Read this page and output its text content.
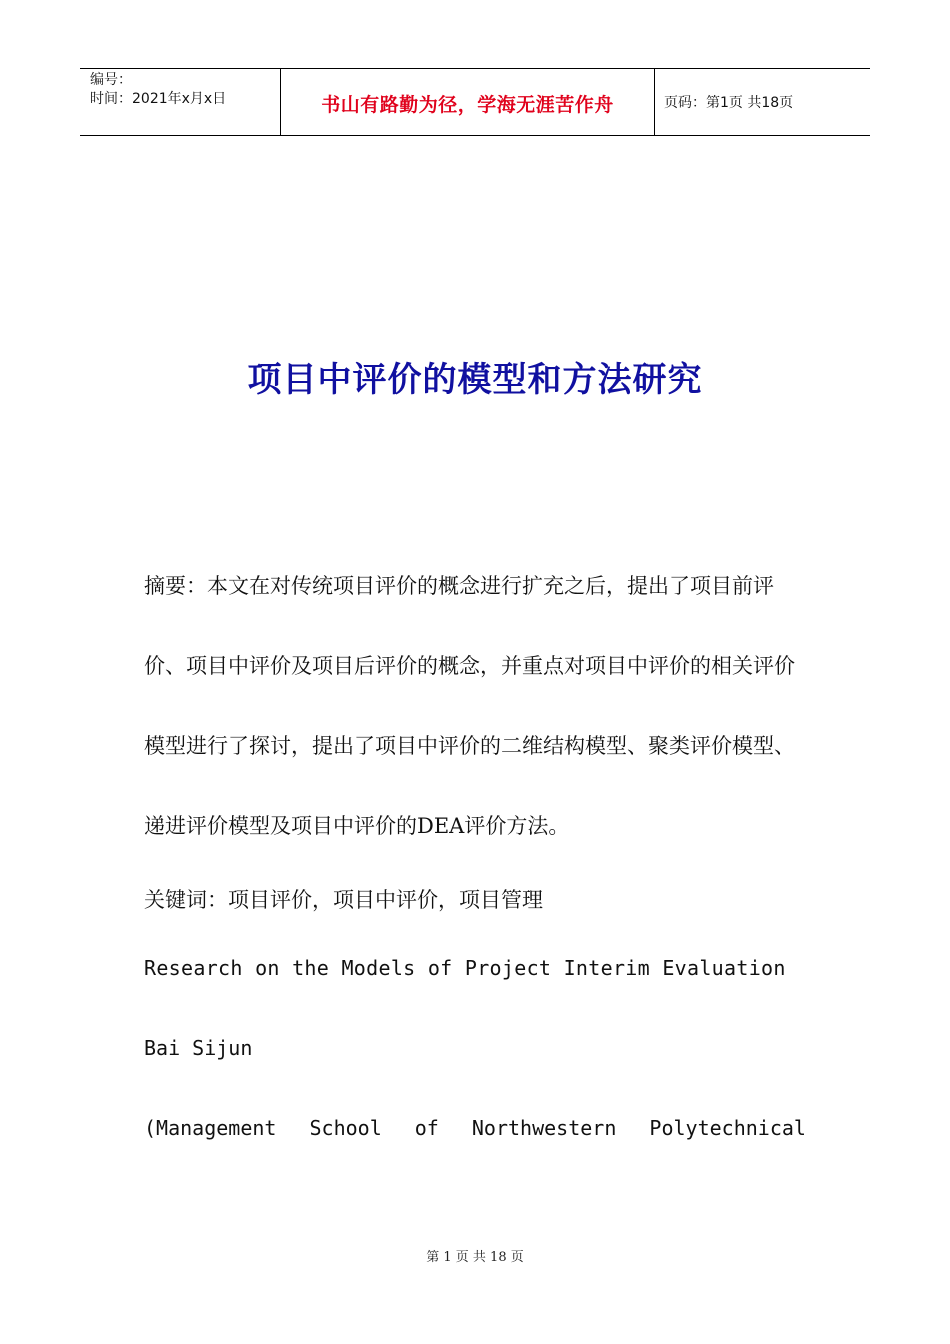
编号：
时间：2021年x月x日	书山有路勤为径，学海无涯苦作舟	页码：第1页 共18页
项目中评价的模型和方法研究
摘要：本文在对传统项目评价的概念进行扩充之后，提出了项目前评价、项目中评价及项目后评价的概念，并重点对项目中评价的相关评价模型进行了探讨，提出了项目中评价的二维结构模型、聚类评价模型、递进评价模型及项目中评价的DEA评价方法。
关键词：项目评价，项目中评价，项目管理
Research on the Models of Project Interim Evaluation
Bai Sijun
(Management School of Northwestern Polytechnical
第 1 页 共 18 页
